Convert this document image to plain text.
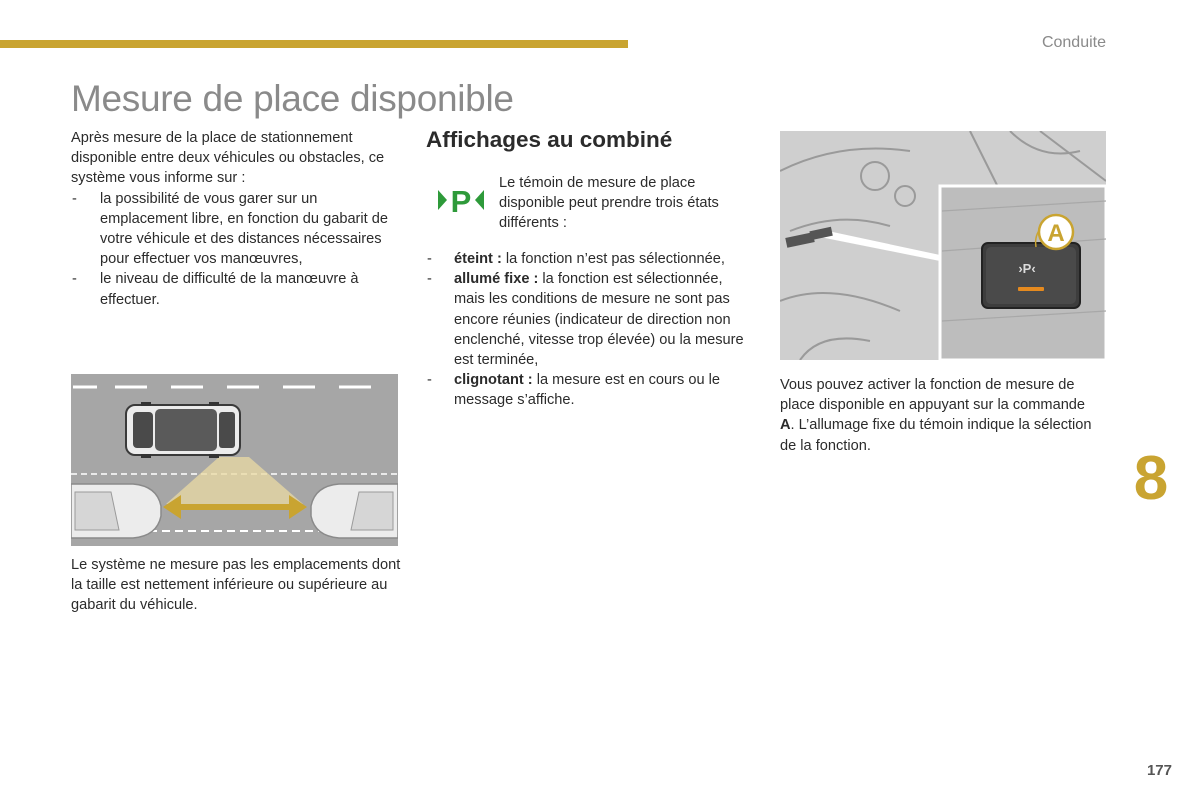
Conduite
Mesure de place disponible

Après mesure de la place de stationnement disponible entre deux véhicules ou obstacles, ce système vous informe sur :

- la possibilité de vous garer sur un emplacement libre, en fonction du gabarit de votre véhicule et des distances nécessaires pour effectuer vos manœuvres,
- le niveau de difficulté de la manœuvre à effectuer.

Le système ne mesure pas les emplacements dont la taille est nettement inférieure ou supérieure au gabarit du véhicule.

Affichages au combiné
P

Le témoin de mesure de place disponible peut prendre trois états différents :

- éteint : la fonction n’est pas sélectionnée,
- allumé fixe : la fonction est sélectionnée, mais les conditions de mesure ne sont pas encore réunies (indicateur de direction non enclenché, vitesse trop élevée) ou la mesure est terminée,
- clignotant : la mesure est en cours ou le message s’affiche.
›P‹
A

Vous pouvez activer la fonction de mesure de place disponible en appuyant sur la commande A. L’allumage fixe du témoin indique la sélection de la fonction.	8
177
